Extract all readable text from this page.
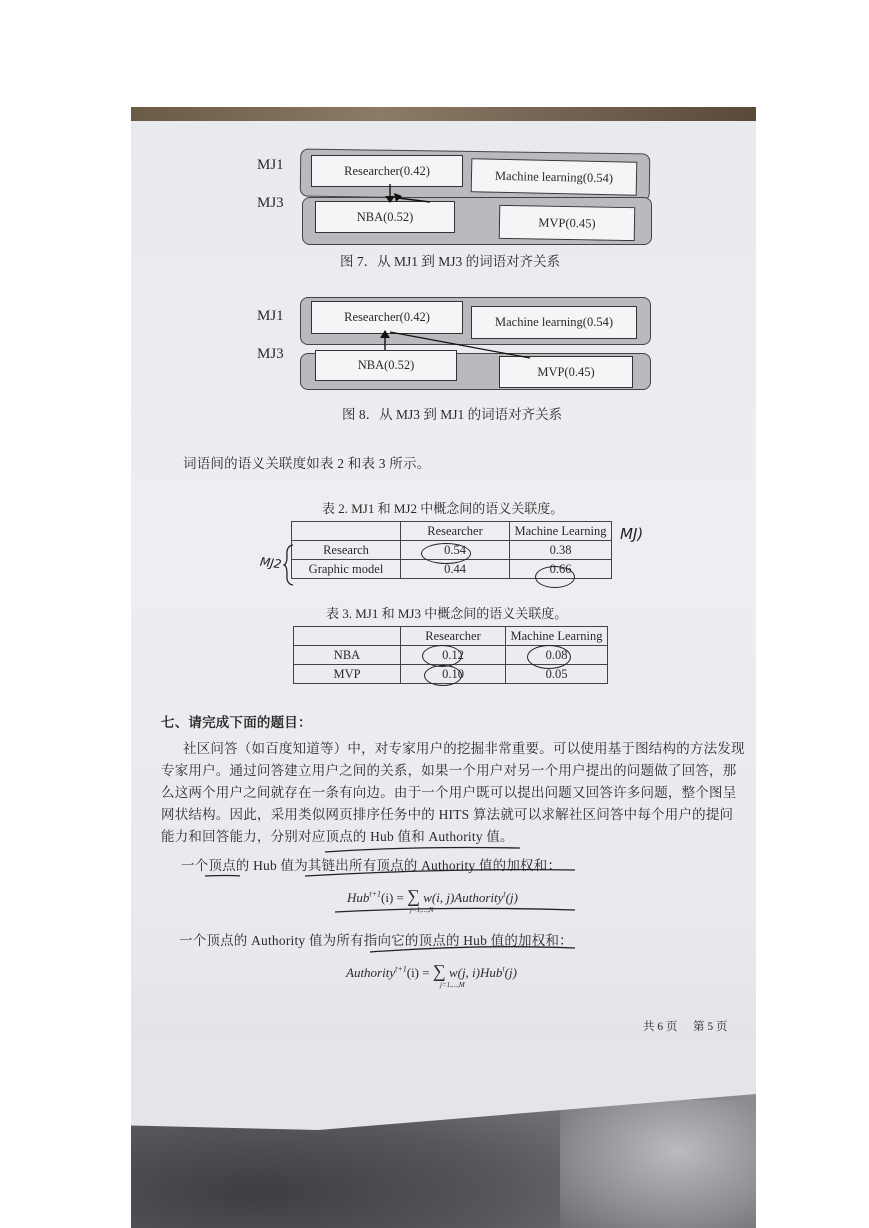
MJ1
MJ3
Researcher(0.42)	Machine learning(0.54)
NBA(0.52)	MVP(0.45)
图 7．从 MJ1 到 MJ3 的词语对齐关系
MJ1
MJ3
Researcher(0.42)	Machine learning(0.54)
NBA(0.52)	MVP(0.45)
图 8．从 MJ3 到 MJ1 的词语对齐关系
词语间的语义关联度如表 2 和表 3 所示。
表 2. MJ1 和 MJ2 中概念间的语义关联度。
	Researcher	Machine Learning
Research	0.54	0.38
Graphic model	0.44	0.66
MJ)
MJ2
表 3. MJ1 和 MJ3 中概念间的语义关联度。
	Researcher	Machine Learning
NBA	0.12	0.08
MVP	0.10	0.05
七、请完成下面的题目：
社区问答（如百度知道等）中，对专家用户的挖掘非常重要。可以使用基于图结构的方法发现
专家用户。通过问答建立用户之间的关系，如果一个用户对另一个用户提出的问题做了回答，那
么这两个用户之间就存在一条有向边。由于一个用户既可以提出问题又回答许多问题，整个图呈
网状结构。因此，采用类似网页排序任务中的 HITS 算法就可以求解社区问答中每个用户的提问
能力和回答能力，分别对应顶点的 Hub 值和 Authority 值。
一个顶点的 Hub 值为其链出所有顶点的 Authority 值的加权和：
Hub$^{t+1}$(i) = ∑ w(i, j)Authority$^t$(j)
j=1,...,N
一个顶点的 Authority 值为所有指向它的顶点的 Hub 值的加权和：
Authority$^{t+1}$(i) = ∑ w(j, i)Hub$^t$(j)
j=1,...,M
共 6 页 第 5 页
